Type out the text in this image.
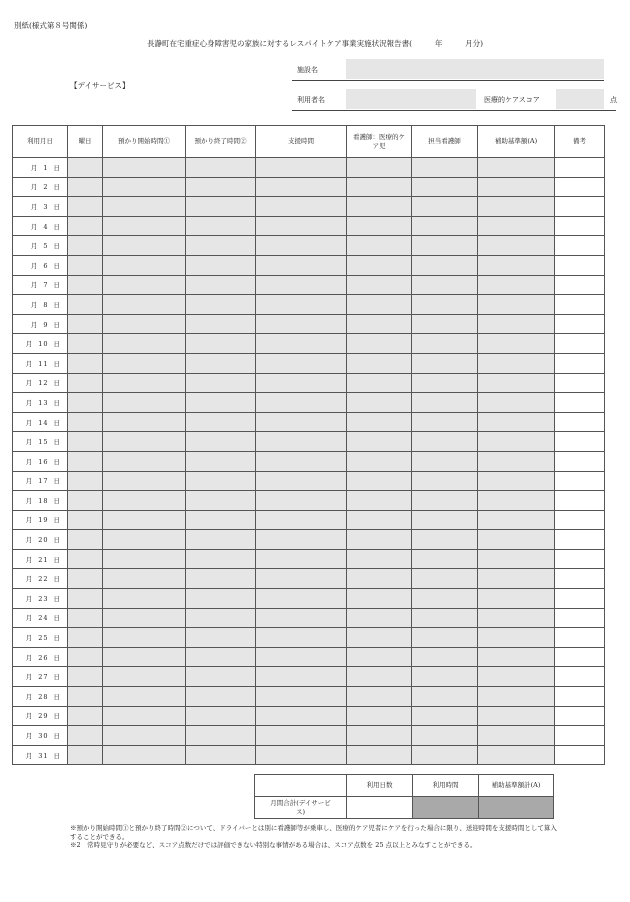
別紙(様式第８号関係)
長瀞町在宅重症心身障害児の家族に対するレスパイトケア事業実施状況報告書(	年	月分)
【デイサービス】
施設名
利用者名	医療的ケアスコア	点
利用月日	曜日	預かり開始時間①	預かり終了時間②	支援時間	看護師：医療的ケア児	担当看護師	補助基準額(A)	備考
月 1 日								
月 2 日								
月 3 日								
月 4 日								
月 5 日								
月 6 日								
月 7 日								
月 8 日								
月 9 日								
月 10 日								
月 11 日								
月 12 日								
月 13 日								
月 14 日								
月 15 日								
月 16 日								
月 17 日								
月 18 日								
月 19 日								
月 20 日								
月 21 日								
月 22 日								
月 23 日								
月 24 日								
月 25 日								
月 26 日								
月 27 日								
月 28 日								
月 29 日								
月 30 日								
月 31 日								
	利用日数	利用時間	補助基準額計(A)
月間合計(デイサービス)			
※預かり開始時間①と預かり終了時間②について、ドライバーとは別に看護師等が乗車し、医療的ケア児者にケアを行った場合に限り、送迎時間を支援時間として算入することができる。
※2　常時見守りが必要など、スコア点数だけでは評価できない特別な事情がある場合は、スコア点数を 25 点以上とみなすことができる。
